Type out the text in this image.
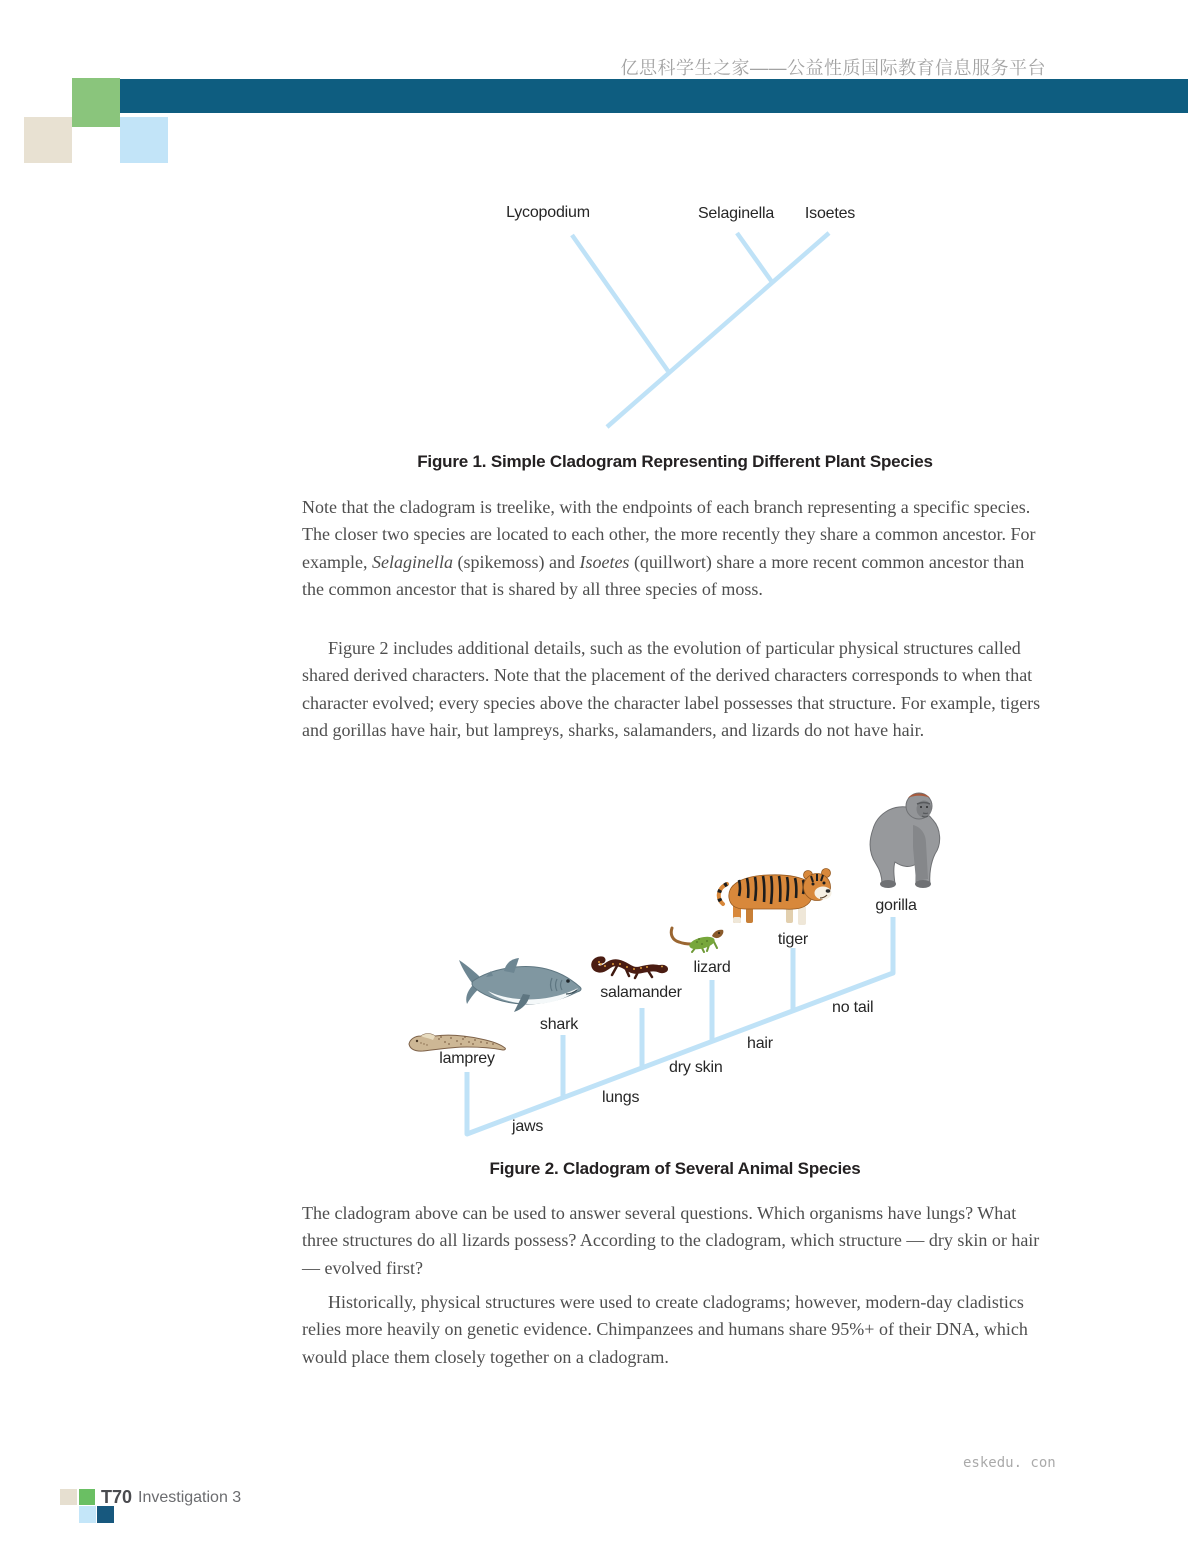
亿思科学生之家——公益性质国际教育信息服务平台
Lycopodium	Selaginella Isoetes
Figure 1. Simple Cladogram Representing Different Plant Species
Note that the cladogram is treelike, with the endpoints of each branch representing a specific species. The closer two species are located to each other, the more recently they share a common ancestor. For example, Selaginella (spikemoss) and Isoetes (quillwort) share a more recent common ancestor than the common ancestor that is shared by all three species of moss.
Figure 2 includes additional details, such as the evolution of particular physical structures called shared derived characters. Note that the placement of the derived characters corresponds to when that character evolved; every species above the character label possesses that structure. For example, tigers and gorillas have hair, but lampreys, sharks, salamanders, and lizards do not have hair.
lamprey
shark
salamander
lizard
tiger
gorilla
jaws
lungs
dry skin
hair
no tail
Figure 2. Cladogram of Several Animal Species
The cladogram above can be used to answer several questions. Which organisms have lungs? What three structures do all lizards possess? According to the cladogram, which structure — dry skin or hair — evolved first?
Historically, physical structures were used to create cladograms; however, modern-day cladistics relies more heavily on genetic evidence. Chimpanzees and humans share 95%+ of their DNA, which would place them closely together on a cladogram.
eskedu. con
T70 Investigation 3
